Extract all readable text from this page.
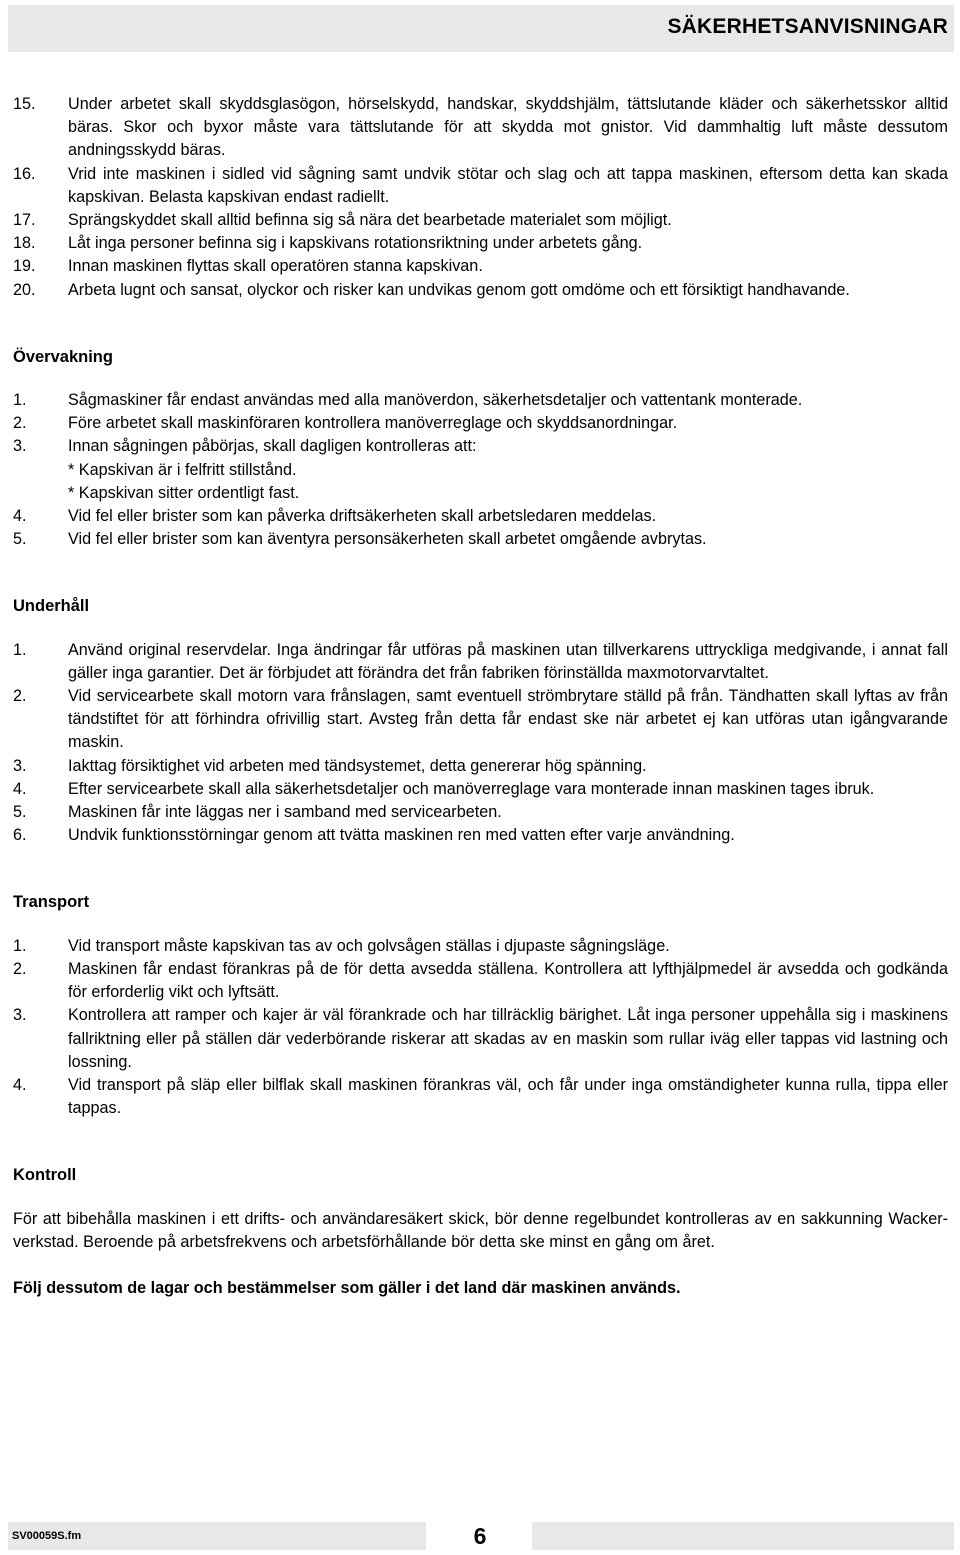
SÄKERHETSANVISNINGAR
15.	Under arbetet skall skyddsglasögon, hörselskydd, handskar, skyddshjälm, tättslutande kläder och säkerhetsskor alltid bäras. Skor och byxor måste vara tättslutande för att skydda mot gnistor. Vid dammhaltig luft måste dessutom andningsskydd bäras.
16.	Vrid inte maskinen i sidled vid sågning samt undvik stötar och slag och att tappa maskinen, eftersom detta kan skada kapskivan. Belasta kapskivan endast radiellt.
17.	Sprängskyddet skall alltid befinna sig så nära det bearbetade materialet som möjligt.
18.	Låt inga personer befinna sig i kapskivans rotationsriktning under arbetets gång.
19.	Innan maskinen flyttas skall operatören stanna kapskivan.
20.	Arbeta lugnt och sansat, olyckor och risker kan undvikas genom gott omdöme och ett försiktigt handhavande.

Övervakning

1.	Sågmaskiner får endast användas med alla manöverdon, säkerhetsdetaljer och vattentank monterade.
2.	Före arbetet skall maskinföraren kontrollera manöverreglage och skyddsanordningar.
3.	Innan sågningen påbörjas, skall dagligen kontrolleras att:
* Kapskivan är i felfritt stillstånd.
* Kapskivan sitter ordentligt fast.
4.	Vid fel eller brister som kan påverka driftsäkerheten skall arbetsledaren meddelas.
5.	Vid fel eller brister som kan äventyra personsäkerheten skall arbetet omgående avbrytas.

Underhåll

1.	Använd original reservdelar. Inga ändringar får utföras på maskinen utan tillverkarens uttryckliga medgivande, i annat fall gäller inga garantier. Det är förbjudet att förändra det från fabriken förinställda maxmotorvarvtaltet.
2.	Vid servicearbete skall motorn vara frånslagen, samt eventuell strömbrytare ställd på från. Tändhatten skall lyftas av från tändstiftet för att förhindra ofrivillig start. Avsteg från detta får endast ske när arbetet ej kan utföras utan igångvarande maskin.
3.	Iakttag försiktighet vid arbeten med tändsystemet, detta genererar hög spänning.
4.	Efter servicearbete skall alla säkerhetsdetaljer och manöverreglage vara monterade innan maskinen tages ibruk.
5.	Maskinen får inte läggas ner i samband med servicearbeten.
6.	Undvik funktionsstörningar genom att tvätta maskinen ren med vatten efter varje användning.

Transport

1.	Vid transport måste kapskivan tas av och golvsågen ställas i djupaste sågningsläge.
2.	Maskinen får endast förankras på de för detta avsedda ställena. Kontrollera att lyfthjälpmedel är avsedda och godkända för erforderlig vikt och lyftsätt.
3.	Kontrollera att ramper och kajer är väl förankrade och har tillräcklig bärighet. Låt inga personer uppehålla sig i maskinens fallriktning eller på ställen där vederbörande riskerar att skadas av en maskin som rullar iväg eller tappas vid lastning och lossning.
4.	Vid transport på släp eller bilflak skall maskinen förankras väl, och får under inga omständigheter kunna rulla, tippa eller tappas.

Kontroll

För att bibehålla maskinen i ett drifts- och användaresäkert skick, bör denne regelbundet kontrolleras av en sakkunning Wacker-verkstad. Beroende på arbetsfrekvens och arbetsförhållande bör detta ske minst en gång om året.
Följ dessutom de lagar och bestämmelser som gäller i det land där maskinen används.
SV00059S.fm	6
